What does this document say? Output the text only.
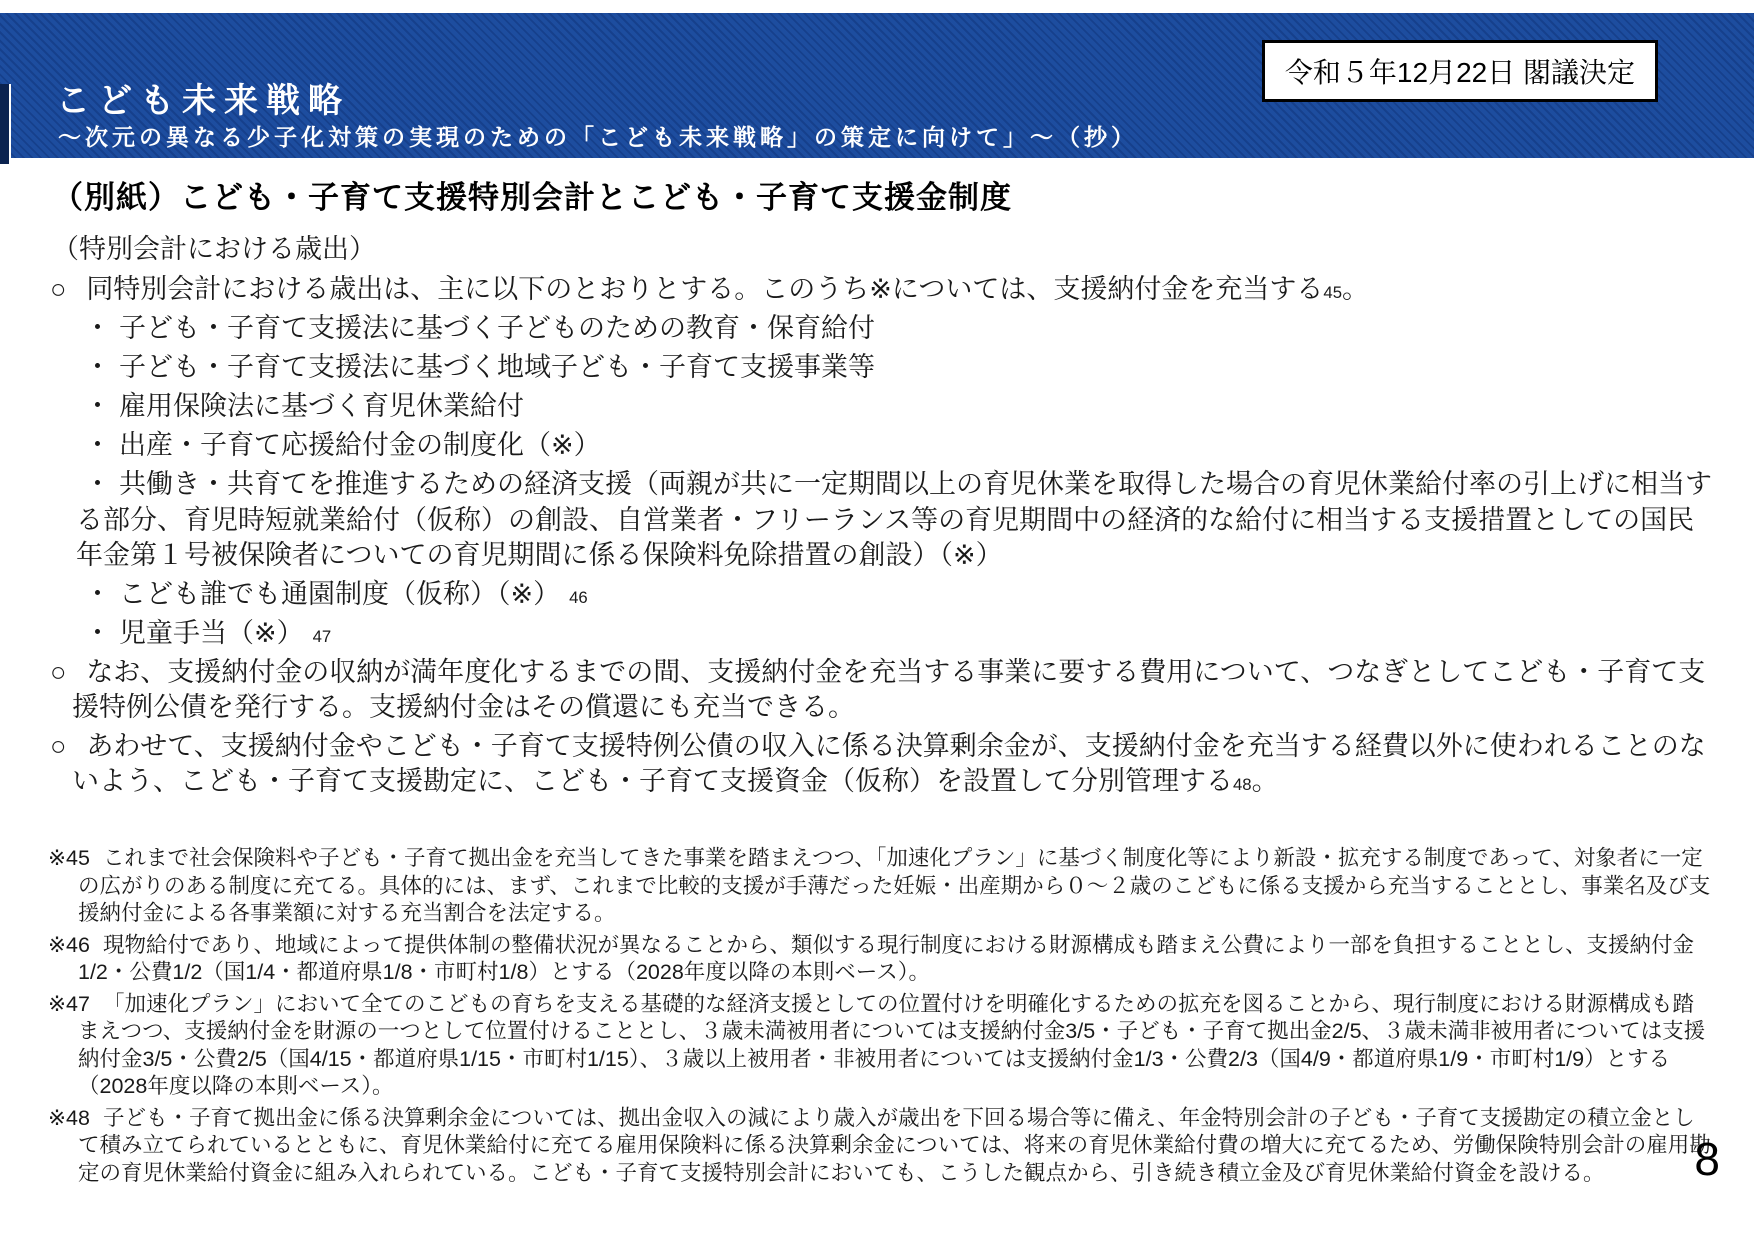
こども未来戦略
～次元の異なる少子化対策の実現のための「こども未来戦略」の策定に向けて」～（抄）
令和５年12月22日 閣議決定
（別紙）こども・子育て支援特別会計とこども・子育て支援金制度
（特別会計における歳出）
○ 同特別会計における歳出は、主に以下のとおりとする。このうち※については、支援納付金を充当する45。
・ 子ども・子育て支援法に基づく子どものための教育・保育給付
・ 子ども・子育て支援法に基づく地域子ども・子育て支援事業等
・ 雇用保険法に基づく育児休業給付
・ 出産・子育て応援給付金の制度化（※）
・ 共働き・共育てを推進するための経済支援（両親が共に一定期間以上の育児休業を取得した場合の育児休業給付率の引上げに相当する部分、育児時短就業給付（仮称）の創設、自営業者・フリーランス等の育児期間中の経済的な給付に相当する支援措置としての国民年金第１号被保険者についての育児期間に係る保険料免除措置の創設）（※）
・ こども誰でも通園制度（仮称）（※） 46
・ 児童手当（※） 47
○ なお、支援納付金の収納が満年度化するまでの間、支援納付金を充当する事業に要する費用について、つなぎとしてこども・子育て支援特例公債を発行する。支援納付金はその償還にも充当できる。
○ あわせて、支援納付金やこども・子育て支援特例公債の収入に係る決算剰余金が、支援納付金を充当する経費以外に使われることのないよう、こども・子育て支援勘定に、こども・子育て支援資金（仮称）を設置して分別管理する48。
※45 これまで社会保険料や子ども・子育て拠出金を充当してきた事業を踏まえつつ、「加速化プラン」に基づく制度化等により新設・拡充する制度であって、対象者に一定の広がりのある制度に充てる。具体的には、まず、これまで比較的支援が手薄だった妊娠・出産期から０～２歳のこどもに係る支援から充当することとし、事業名及び支援納付金による各事業額に対する充当割合を法定する。
※46 現物給付であり、地域によって提供体制の整備状況が異なることから、類似する現行制度における財源構成も踏まえ公費により一部を負担することとし、支援納付金1/2・公費1/2（国1/4・都道府県1/8・市町村1/8）とする（2028年度以降の本則ベース）。
※47 「加速化プラン」において全てのこどもの育ちを支える基礎的な経済支援としての位置付けを明確化するための拡充を図ることから、現行制度における財源構成も踏まえつつ、支援納付金を財源の一つとして位置付けることとし、３歳未満被用者については支援納付金3/5・子ども・子育て拠出金2/5、３歳未満非被用者については支援納付金3/5・公費2/5（国4/15・都道府県1/15・市町村1/15）、３歳以上被用者・非被用者については支援納付金1/3・公費2/3（国4/9・都道府県1/9・市町村1/9）とする（2028年度以降の本則ベース）。
※48 子ども・子育て拠出金に係る決算剰余金については、拠出金収入の減により歳入が歳出を下回る場合等に備え、年金特別会計の子ども・子育て支援勘定の積立金として積み立てられているとともに、育児休業給付に充てる雇用保険料に係る決算剰余金については、将来の育児休業給付費の増大に充てるため、労働保険特別会計の雇用勘定の育児休業給付資金に組み入れられている。こども・子育て支援特別会計においても、こうした観点から、引き続き積立金及び育児休業給付資金を設ける。	8
